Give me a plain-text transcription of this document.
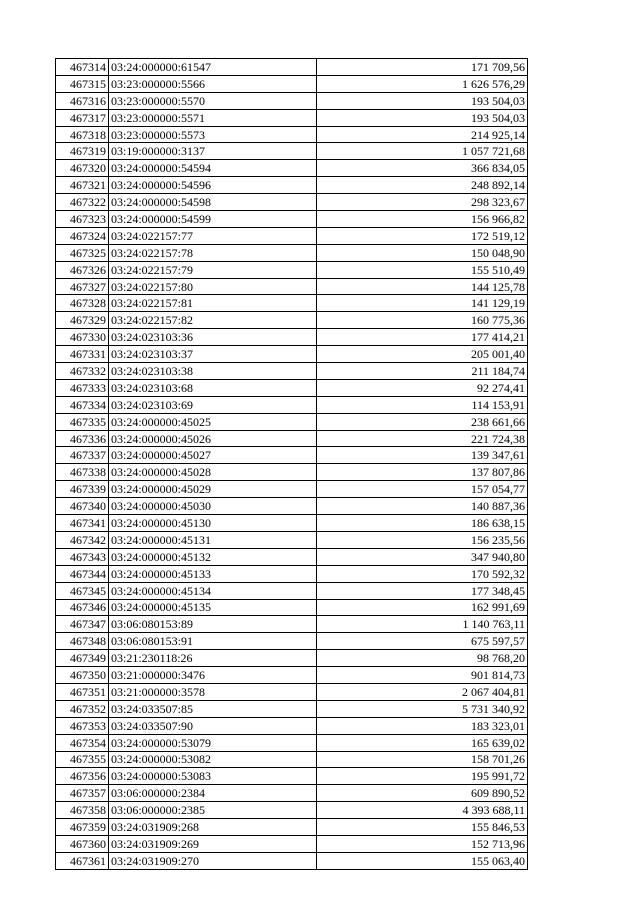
467314	03:24:000000:61547	171 709,56
467315	03:23:000000:5566	1 626 576,29
467316	03:23:000000:5570	193 504,03
467317	03:23:000000:5571	193 504,03
467318	03:23:000000:5573	214 925,14
467319	03:19:000000:3137	1 057 721,68
467320	03:24:000000:54594	366 834,05
467321	03:24:000000:54596	248 892,14
467322	03:24:000000:54598	298 323,67
467323	03:24:000000:54599	156 966,82
467324	03:24:022157:77	172 519,12
467325	03:24:022157:78	150 048,90
467326	03:24:022157:79	155 510,49
467327	03:24:022157:80	144 125,78
467328	03:24:022157:81	141 129,19
467329	03:24:022157:82	160 775,36
467330	03:24:023103:36	177 414,21
467331	03:24:023103:37	205 001,40
467332	03:24:023103:38	211 184,74
467333	03:24:023103:68	92 274,41
467334	03:24:023103:69	114 153,91
467335	03:24:000000:45025	238 661,66
467336	03:24:000000:45026	221 724,38
467337	03:24:000000:45027	139 347,61
467338	03:24:000000:45028	137 807,86
467339	03:24:000000:45029	157 054,77
467340	03:24:000000:45030	140 887,36
467341	03:24:000000:45130	186 638,15
467342	03:24:000000:45131	156 235,56
467343	03:24:000000:45132	347 940,80
467344	03:24:000000:45133	170 592,32
467345	03:24:000000:45134	177 348,45
467346	03:24:000000:45135	162 991,69
467347	03:06:080153:89	1 140 763,11
467348	03:06:080153:91	675 597,57
467349	03:21:230118:26	98 768,20
467350	03:21:000000:3476	901 814,73
467351	03:21:000000:3578	2 067 404,81
467352	03:24:033507:85	5 731 340,92
467353	03:24:033507:90	183 323,01
467354	03:24:000000:53079	165 639,02
467355	03:24:000000:53082	158 701,26
467356	03:24:000000:53083	195 991,72
467357	03:06:000000:2384	609 890,52
467358	03:06:000000:2385	4 393 688,11
467359	03:24:031909:268	155 846,53
467360	03:24:031909:269	152 713,96
467361	03:24:031909:270	155 063,40
